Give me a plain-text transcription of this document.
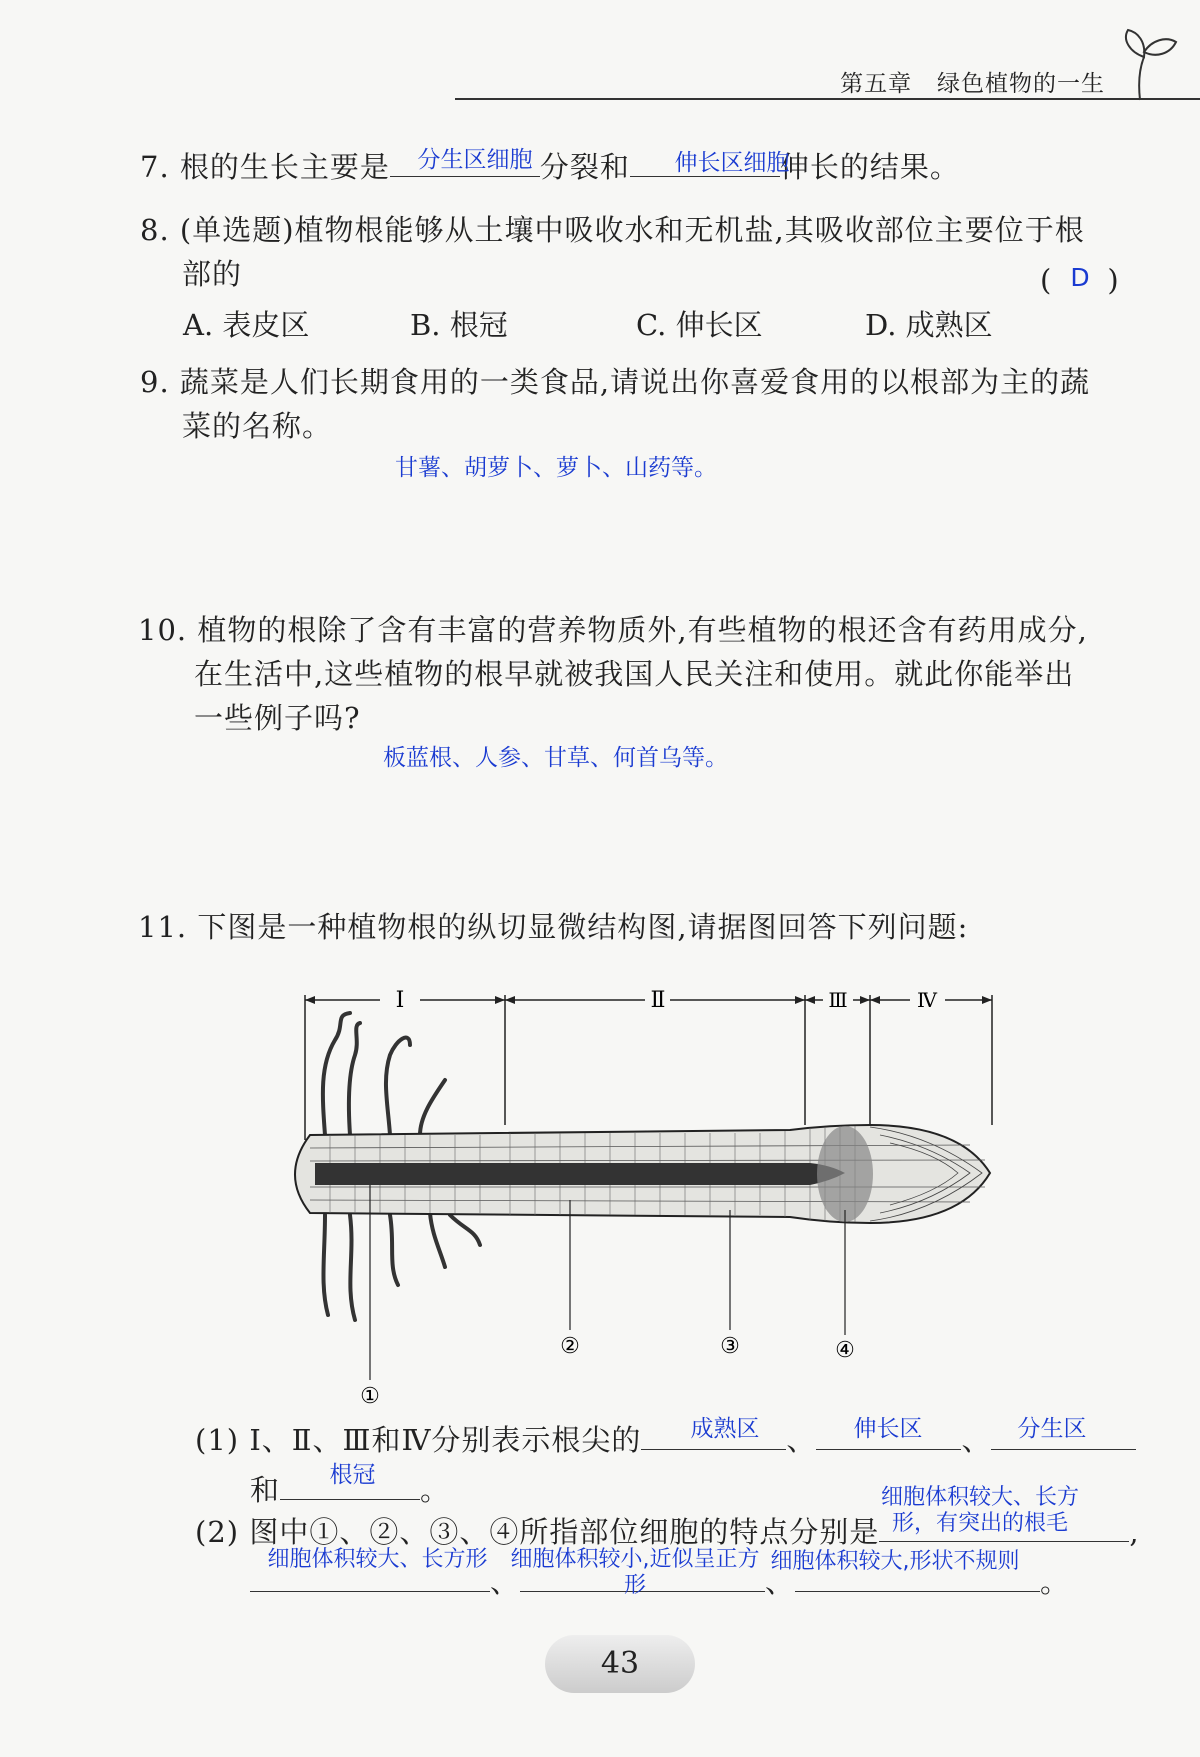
第五章 绿色植物的一生
7. 根的生长主要是	分裂和	伸长的结果。
分生区细胞	伸长区细胞
8. (单选题)植物根能够从土壤中吸收水和无机盐,其吸收部位主要位于根
部的	( )
D
A. 表皮区	B. 根冠	C. 伸长区	D. 成熟区
9. 蔬菜是人们长期食用的一类食品,请说出你喜爱食用的以根部为主的蔬
菜的名称。
甘薯、胡萝卜、萝卜、山药等。
10. 植物的根除了含有丰富的营养物质外,有些植物的根还含有药用成分,
在生活中,这些植物的根早就被我国人民关注和使用。就此你能举出
一些例子吗?
板蓝根、人参、甘草、何首乌等。
11. 下图是一种植物根的纵切显微结构图,请据图回答下列问题:
Ⅰ	Ⅱ	Ⅲ	Ⅳ
①
②	③	④
(1) Ⅰ、Ⅱ、Ⅲ和Ⅳ分别表示根尖的	、	、
和	。
成熟区	伸长区	分生区
根冠
(2) 图中①、②、③、④所指部位细胞的特点分别是	,
、	、	。
细胞体积较大、长方形，有突出的根毛
细胞体积较大、长方形	细胞体积较小,近似呈正方形
细胞体积较大,形状不规则
43
